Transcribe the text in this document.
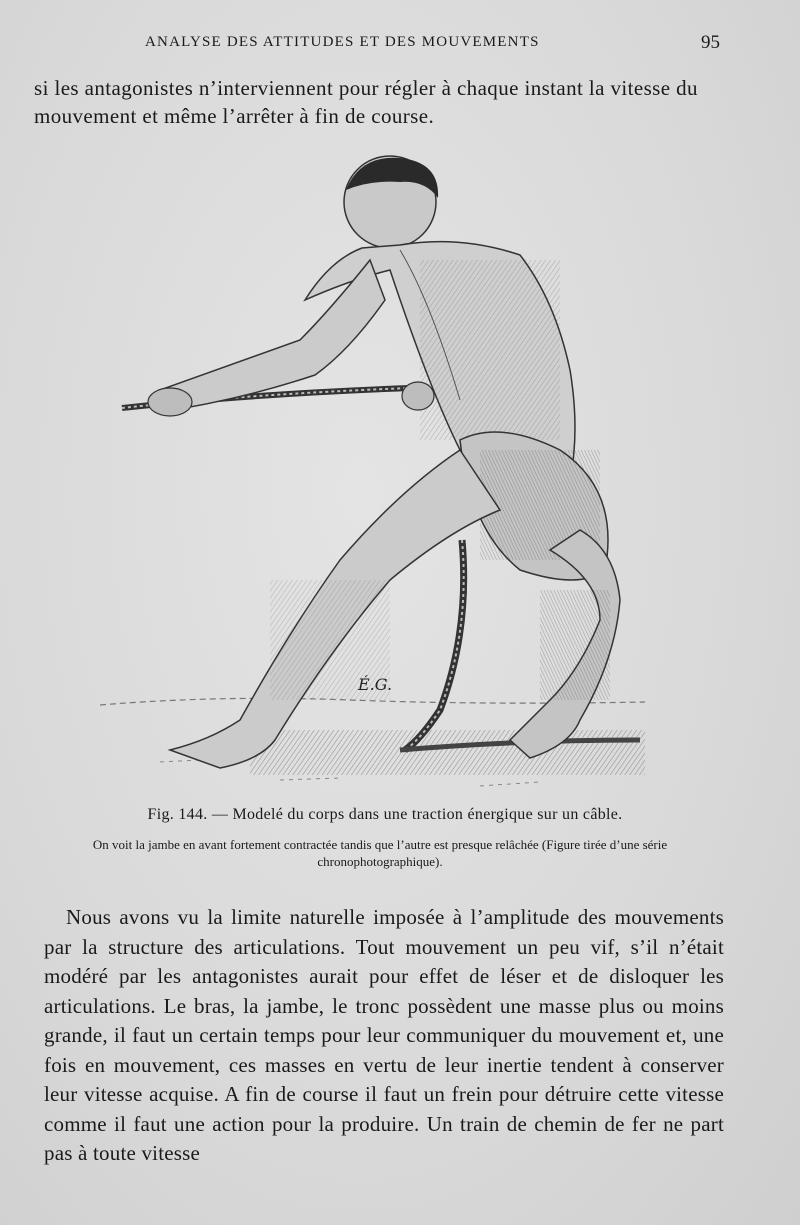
ANALYSE DES ATTITUDES ET DES MOUVEMENTS	95
si les antagonistes n’interviennent pour régler à chaque instant la vitesse du mouvement et même l’arrêter à fin de course.
É.G.
Fig. 144. — Modelé du corps dans une traction énergique sur un câble.
On voit la jambe en avant fortement contractée tandis que l’autre est presque relâchée (Figure tirée d’une série chronophotographique).
Nous avons vu la limite naturelle imposée à l’amplitude des mouvements par la structure des articulations. Tout mouvement un peu vif, s’il n’était modéré par les antagonistes aurait pour effet de léser et de disloquer les articulations. Le bras, la jambe, le tronc possèdent une masse plus ou moins grande, il faut un certain temps pour leur communiquer du mouvement et, une fois en mouvement, ces masses en vertu de leur inertie tendent à conserver leur vitesse acquise. A fin de course il faut un frein pour détruire cette vitesse comme il faut une action pour la produire. Un train de chemin de fer ne part pas à toute vitesse
